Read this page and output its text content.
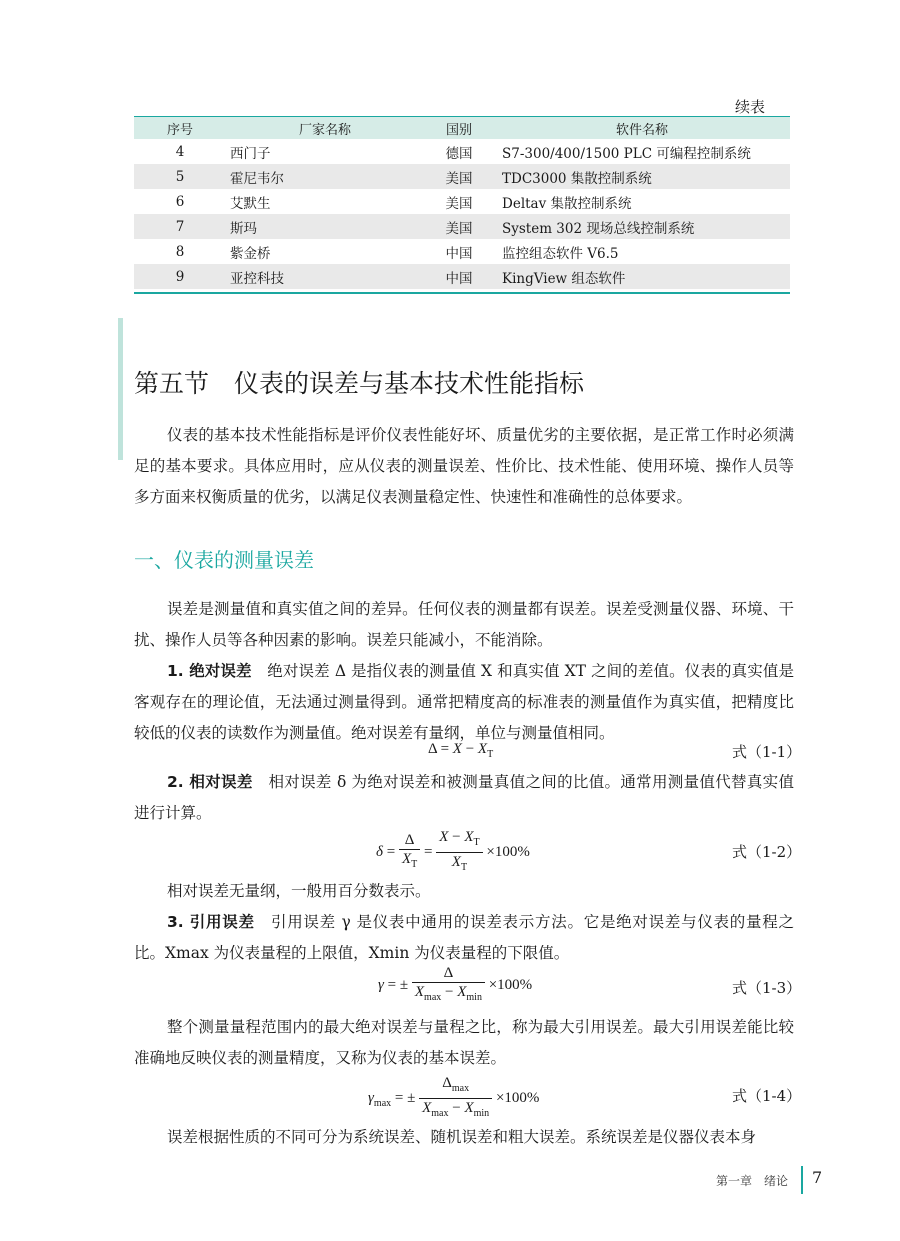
续表
序号	厂家名称	国别	软件名称
4	西门子	德国	S7-300/400/1500 PLC 可编程控制系统
5	霍尼韦尔	美国	TDC3000 集散控制系统
6	艾默生	美国	Deltav 集散控制系统
7	斯玛	美国	System 302 现场总线控制系统
8	紫金桥	中国	监控组态软件 V6.5
9	亚控科技	中国	KingView 组态软件
第五节　仪表的误差与基本技术性能指标
仪表的基本技术性能指标是评价仪表性能好坏、质量优劣的主要依据，是正常工作时必须满足的基本要求。具体应用时，应从仪表的测量误差、性价比、技术性能、使用环境、操作人员等多方面来权衡质量的优劣，以满足仪表测量稳定性、快速性和准确性的总体要求。
一、仪表的测量误差
误差是测量值和真实值之间的差异。任何仪表的测量都有误差。误差受测量仪器、环境、干扰、操作人员等各种因素的影响。误差只能减小，不能消除。
1. 绝对误差　 绝对误差 Δ 是指仪表的测量值 X 和真实值 XT 之间的差值。仪表的真实值是客观存在的理论值，无法通过测量得到。通常把精度高的标准表的测量值作为真实值，把精度比较低的仪表的读数作为测量值。绝对误差有量纲，单位与测量值相同。
$\Delta = X - X_T$	式（1-1）
2. 相对误差　 相对误差 δ 为绝对误差和被测量真值之间的比值。通常用测量值代替真实值进行计算。
$\delta = \frac{\Delta}{X_T} = \frac{X - X_T}{X_T} \times 100\%$	式（1-2）
相对误差无量纲，一般用百分数表示。
3. 引用误差　 引用误差 γ 是仪表中通用的误差表示方法。它是绝对误差与仪表的量程之比。Xmax 为仪表量程的上限值，Xmin 为仪表量程的下限值。
γ = ± $\frac{\Delta}{X_{max} - X_{min}} \times 100\%$	式（1-3）
整个测量量程范围内的最大绝对误差与量程之比，称为最大引用误差。最大引用误差能比较准确地反映仪表的测量精度，又称为仪表的基本误差。
$\gamma_{max}$ = ± $\frac{\Delta_{max}}{X_{max} - X_{min}} \times 100\%$	式（1-4）
误差根据性质的不同可分为系统误差、随机误差和粗大误差。系统误差是仪器仪表本身
第一章　绪论 7
